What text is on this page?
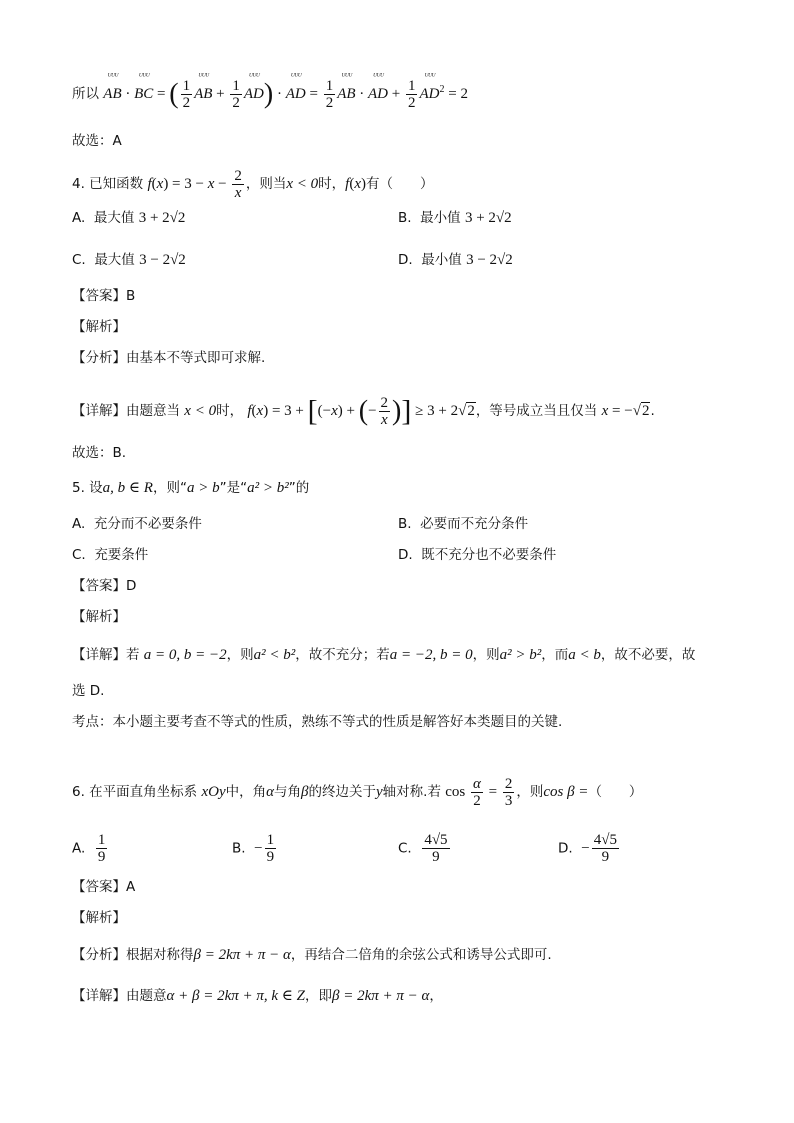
所以 AB
ᵁᵁᵁ
· BC
ᵁᵁᵁ
= ( $\frac{1}{2}$ AB
ᵁᵁᵁ
+ $\frac{1}{2}$ AD
ᵁᵁᵁ
) · AD
ᵁᵁᵁ
= $\frac{1}{2}$ AB
ᵁᵁᵁ
· AD
ᵁᵁᵁ
+ $\frac{1}{2}$ AD
ᵁᵁᵁ
$^2$ = 2
故选：A
4. 已知函数 $f(x) = 3 - x - \frac{2}{x}$ ，则当x < 0时，f(x)有（　　）
A. 最大值 3 + 2√2	B. 最小值 3 + 2√2
C. 最大值 3 − 2√2	D. 最小值 3 − 2√2
【答案】B
【解析】
【分析】由基本不等式即可求解.
【详解】由题意当 x < 0时， f(x) = 3 + [(−x) + (− $\frac{2}{x}$ )] ≥ 3 + 2√2，等号成立当且仅当 x = −√2.
故选：B.
5. 设a, b ∈ R，则“a > b”是“a² > b²”的
A. 充分而不必要条件	B. 必要而不充分条件
C. 充要条件	D. 既不充分也不必要条件
【答案】D
【解析】
【详解】若 a = 0, b = −2，则a² < b²，故不充分；若a = −2, b = 0，则a² > b²，而a < b，故不必要，故
选 D.
考点：本小题主要考查不等式的性质，熟练不等式的性质是解答好本类题目的关键.
6. 在平面直角坐标系 xOy中，角α与角β的终边关于y轴对称.若 $\cos \frac{\alpha}{2} = \frac{2}{3}$ ，则cos β =（　　）
A. $\frac{1}{9}$	B. − $\frac{1}{9}$	C. $\frac{4√5}{9}$	D. − $\frac{4√5}{9}$
【答案】A
【解析】
【分析】根据对称得β = 2kπ + π − α，再结合二倍角的余弦公式和诱导公式即可.
【详解】由题意α + β = 2kπ + π, k ∈ Z，即β = 2kπ + π − α，
